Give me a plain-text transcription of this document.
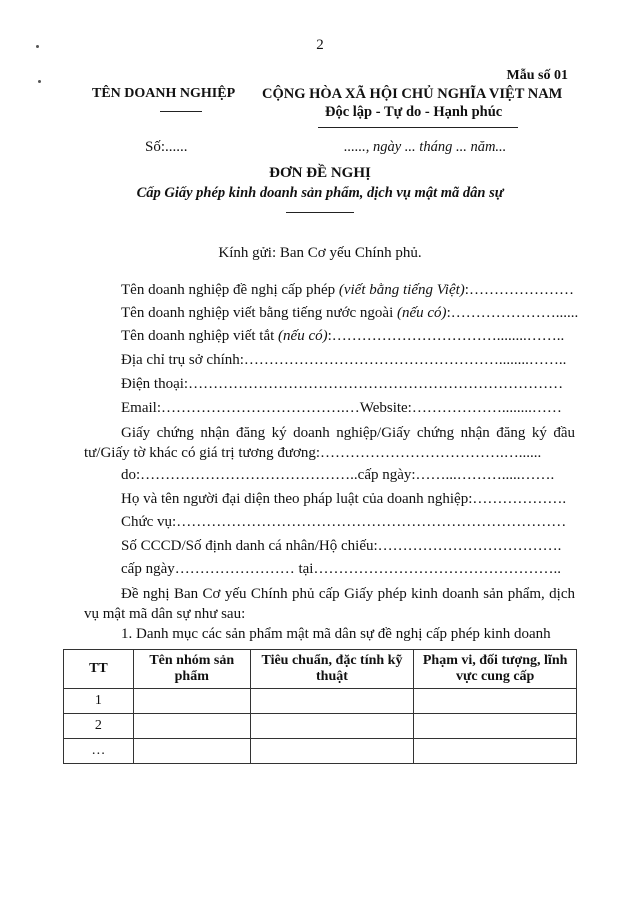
2
Mẫu số 01
TÊN DOANH NGHIỆP CỘNG HÒA XÃ HỘI CHỦ NGHĨA VIỆT NAM
Độc lập - Tự do - Hạnh phúc
Số:......	......, ngày ... tháng ... năm...
ĐƠN ĐỀ NGHỊ
Cấp Giấy phép kinh doanh sản phẩm, dịch vụ mật mã dân sự
Kính gửi: Ban Cơ yếu Chính phủ.
Tên doanh nghiệp đề nghị cấp phép (viết bằng tiếng Việt):…………………
Tên doanh nghiệp viết bằng tiếng nước ngoài (nếu có):…………………......
Tên doanh nghiệp viết tắt (nếu có):……………………………........……..
Địa chỉ trụ sở chính:……………………………………………........……..
Điện thoại:…………………………………………………………………
Email:……………………………….…Website:………………........……
Giấy chứng nhận đăng ký doanh nghiệp/Giấy chứng nhận đăng ký đầu tư/Giấy tờ khác có giá trị tương đương:……………………………….…......
do:……………………………………..cấp ngày:……...……….....…….
Họ và tên người đại diện theo pháp luật của doanh nghiệp:……………….
Chức vụ:……………………………………………………………………
Số CCCD/Số định danh cá nhân/Hộ chiếu:……………………………….
cấp ngày…………………… tại…………………………………………..
Đề nghị Ban Cơ yếu Chính phủ cấp Giấy phép kinh doanh sản phẩm, dịch vụ mật mã dân sự như sau:
1. Danh mục các sản phẩm mật mã dân sự đề nghị cấp phép kinh doanh
TT	Tên nhóm sản phẩm	Tiêu chuẩn, đặc tính kỹ thuật	Phạm vi, đối tượng, lĩnh vực cung cấp
1			
2			
…			
